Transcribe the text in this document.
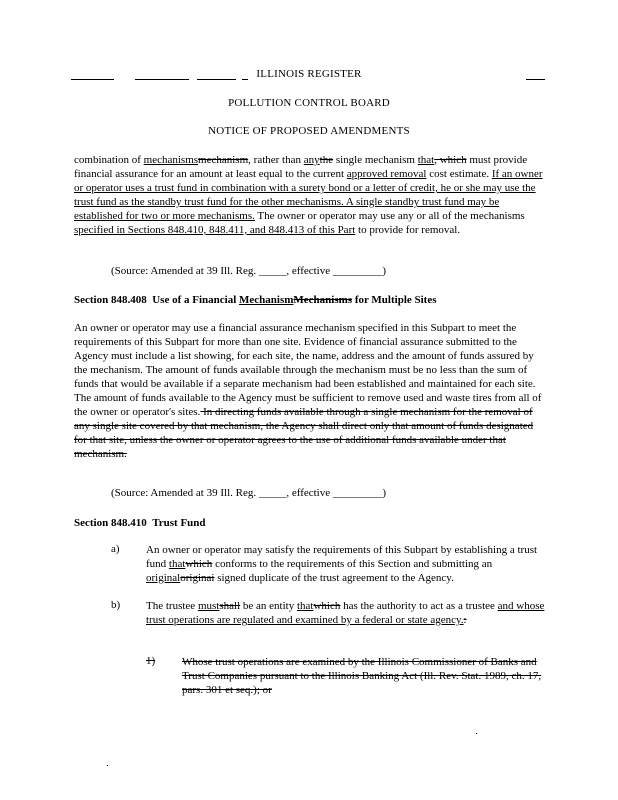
ILLINOIS REGISTER
POLLUTION CONTROL BOARD
NOTICE OF PROPOSED AMENDMENTS

combination of mechanismsmechanism, rather than anythe single mechanism that, which must provide financial assurance for an amount at least equal to the current approved removal cost estimate. If an owner or operator uses a trust fund in combination with a surety bond or a letter of credit, he or she may use the trust fund as the standby trust fund for the other mechanisms. A single standby trust fund may be established for two or more mechanisms. The owner or operator may use any or all of the mechanisms specified in Sections 848.410, 848.411, and 848.413 of this Part to provide for removal.

(Source: Amended at 39 Ill. Reg. _____, effective _________)
Section 848.408 Use of a Financial MechanismMechanisms for Multiple Sites

An owner or operator may use a financial assurance mechanism specified in this Subpart to meet the requirements of this Subpart for more than one site. Evidence of financial assurance submitted to the Agency must include a list showing, for each site, the name, address and the amount of funds assured by the mechanism. The amount of funds available through the mechanism must be no less than the sum of funds that would be available if a separate mechanism had been established and maintained for each site. The amount of funds available to the Agency must be sufficient to remove used and waste tires from all of the owner or operator's sites. In directing funds available through a single mechanism for the removal of any single site covered by that mechanism, the Agency shall direct only that amount of funds designated for that site, unless the owner or operator agrees to the use of additional funds available under that mechanism.

(Source: Amended at 39 Ill. Reg. _____, effective _________)
Section 848.410 Trust Fund
a) An owner or operator may satisfy the requirements of this Subpart by establishing a trust fund thatwhich conforms to the requirements of this Section and submitting an originaloriginai signed duplicate of the trust agreement to the Agency.

b) The trustee mustshall be an entity thatwhich has the authority to act as a trustee and whose trust operations are regulated and examined by a federal or state agency.:

1) Whose trust operations are examined by the Illinois Commissioner of Banks and Trust Companies pursuant to the Illinois Banking Act (Ill. Rev. Stat. 1989, ch. 17, pars. 301 et seq.); or
